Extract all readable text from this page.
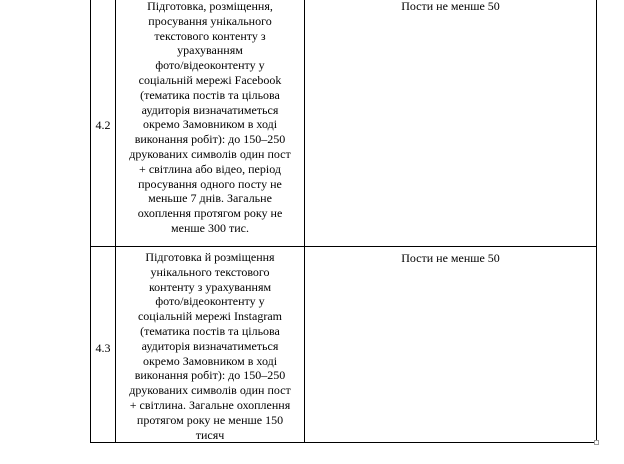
4.2
Підготовка, розміщення,
просування унікального
текстового контенту з
урахуванням
фото/відеоконтенту у
соціальній мережі Facebook
(тематика постів та цільова
аудиторія визначатиметься
окремо Замовником в ході
виконання робіт): до 150–250
друкованих символів один пост
+ світлина або відео, період
просування одного посту не
меньше 7 днів. Загальне
охоплення протягом року не
менше 300 тис.
Пости не менше 50
4.3
Підготовка й розміщення
унікального текстового
контенту з урахуванням
фото/відеоконтенту у
соціальній мережі Instagram
(тематика постів та цільова
аудиторія визначатиметься
окремо Замовником в ході
виконання робіт): до 150–250
друкованих символів один пост
+ світлина. Загальне охоплення
протягом року не менше 150
тисяч
Пости не менше 50
